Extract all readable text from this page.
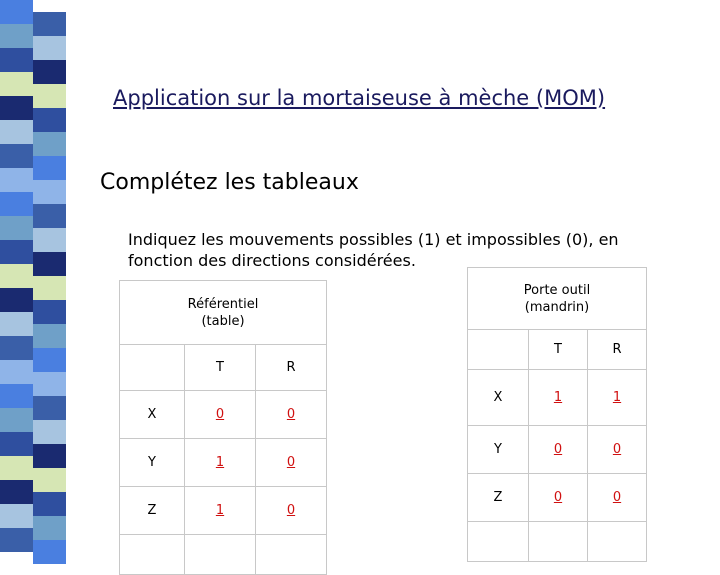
Application sur la mortaiseuse à mèche (MOM)
Complétez les tableaux
Indiquez les mouvements possibles (1) et impossibles (0), en fonction des directions considérées.
Référentiel
(table)		
	T	R
X	0	0
Y	1	0
Z	1	0

Porte outil
(mandrin)		
	T	R
X	1	1
Y	0	0
Z	0	0
